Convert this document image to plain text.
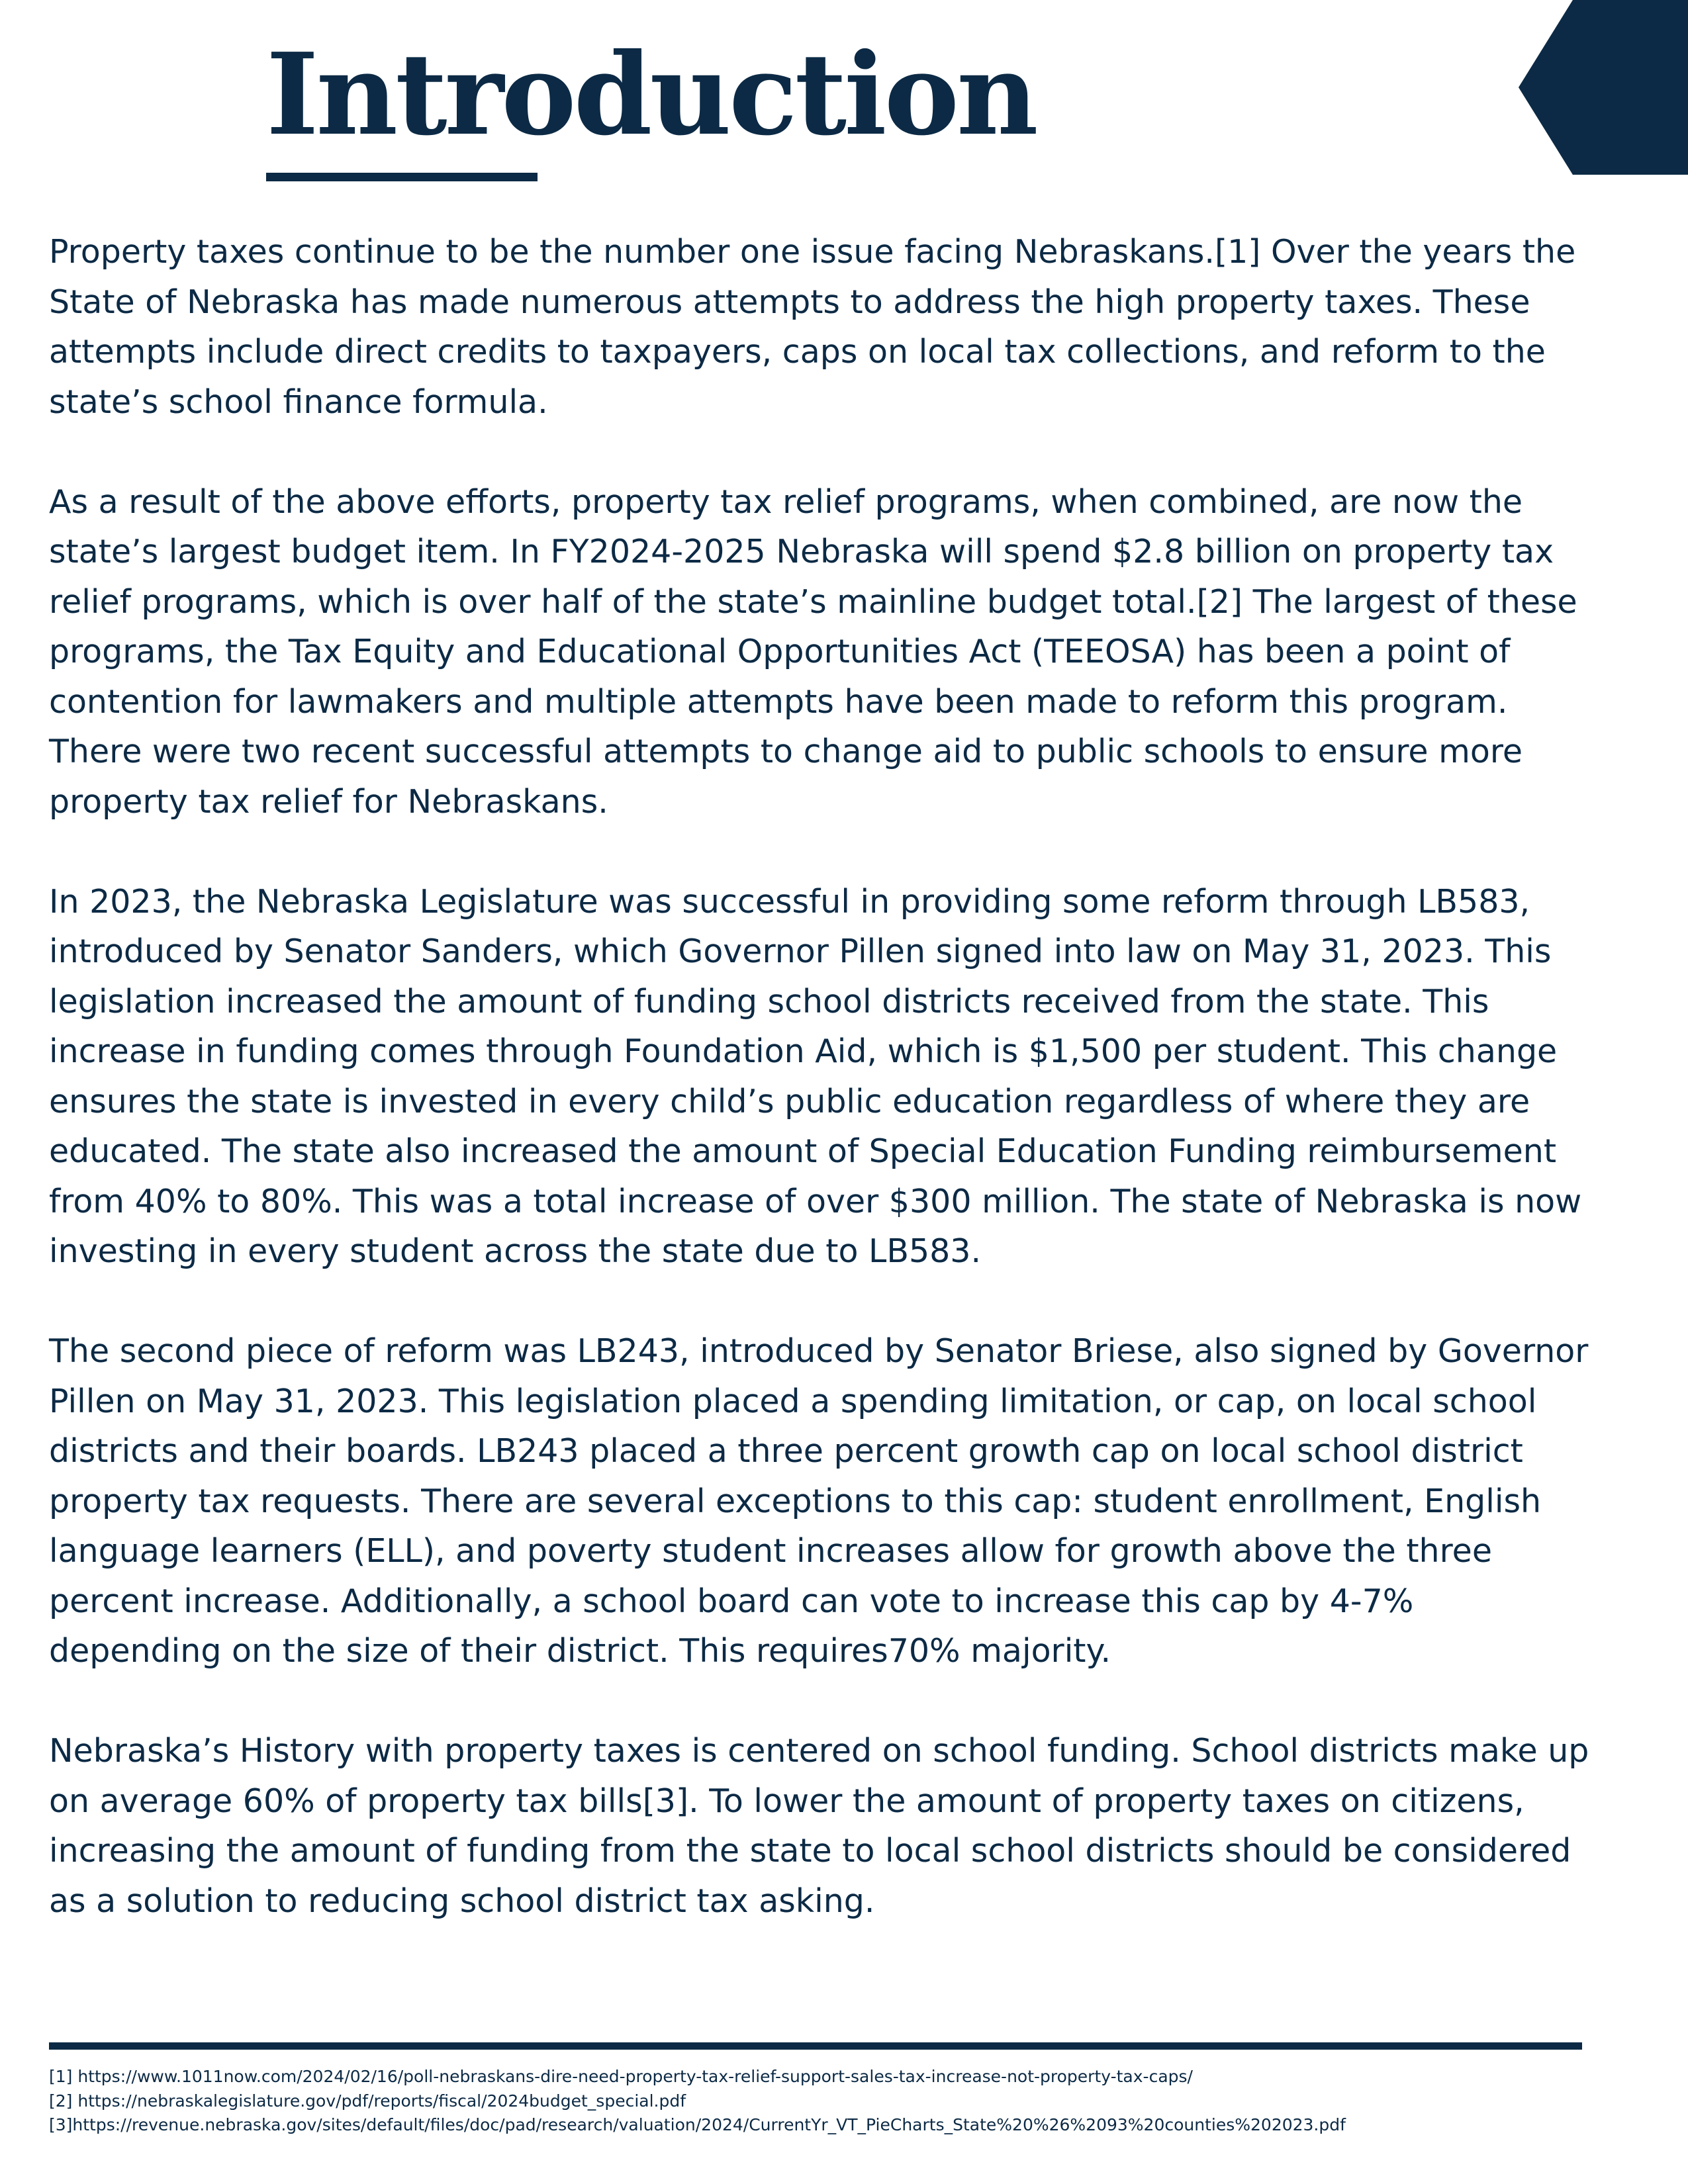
Introduction

Property taxes continue to be the number one issue facing Nebraskans.[1] Over the years the State of Nebraska has made numerous attempts to address the high property taxes. These attempts include direct credits to taxpayers, caps on local tax collections, and reform to the state’s school finance formula.

As a result of the above efforts, property tax relief programs, when combined, are now the state’s largest budget item. In FY2024-2025 Nebraska will spend $2.8 billion on property tax relief programs, which is over half of the state’s mainline budget total.[2] The largest of these programs, the Tax Equity and Educational Opportunities Act (TEEOSA) has been a point of contention for lawmakers and multiple attempts have been made to reform this program. There were two recent successful attempts to change aid to public schools to ensure more property tax relief for Nebraskans.

In 2023, the Nebraska Legislature was successful in providing some reform through LB583, introduced by Senator Sanders, which Governor Pillen signed into law on May 31, 2023. This legislation increased the amount of funding school districts received from the state. This increase in funding comes through Foundation Aid, which is $1,500 per student. This change ensures the state is invested in every child’s public education regardless of where they are educated. The state also increased the amount of Special Education Funding reimbursement from 40% to 80%. This was a total increase of over $300 million. The state of Nebraska is now investing in every student across the state due to LB583.

The second piece of reform was LB243, introduced by Senator Briese, also signed by Governor Pillen on May 31, 2023. This legislation placed a spending limitation, or cap, on local school districts and their boards. LB243 placed a three percent growth cap on local school district property tax requests. There are several exceptions to this cap: student enrollment, English language learners (ELL), and poverty student increases allow for growth above the three percent increase. Additionally, a school board can vote to increase this cap by 4-7% depending on the size of their district. This requires70% majority.

Nebraska’s History with property taxes is centered on school funding. School districts make up on average 60% of property tax bills[3]. To lower the amount of property taxes on citizens, increasing the amount of funding from the state to local school districts should be considered as a solution to reducing school district tax asking.

[1] https://www.1011now.com/2024/02/16/poll-nebraskans-dire-need-property-tax-relief-support-sales-tax-increase-not-property-tax-caps/
[2] https://nebraskalegislature.gov/pdf/reports/fiscal/2024budget_special.pdf
[3]https://revenue.nebraska.gov/sites/default/files/doc/pad/research/valuation/2024/CurrentYr_VT_PieCharts_State%20%26%2093%20counties%202023.pdf
